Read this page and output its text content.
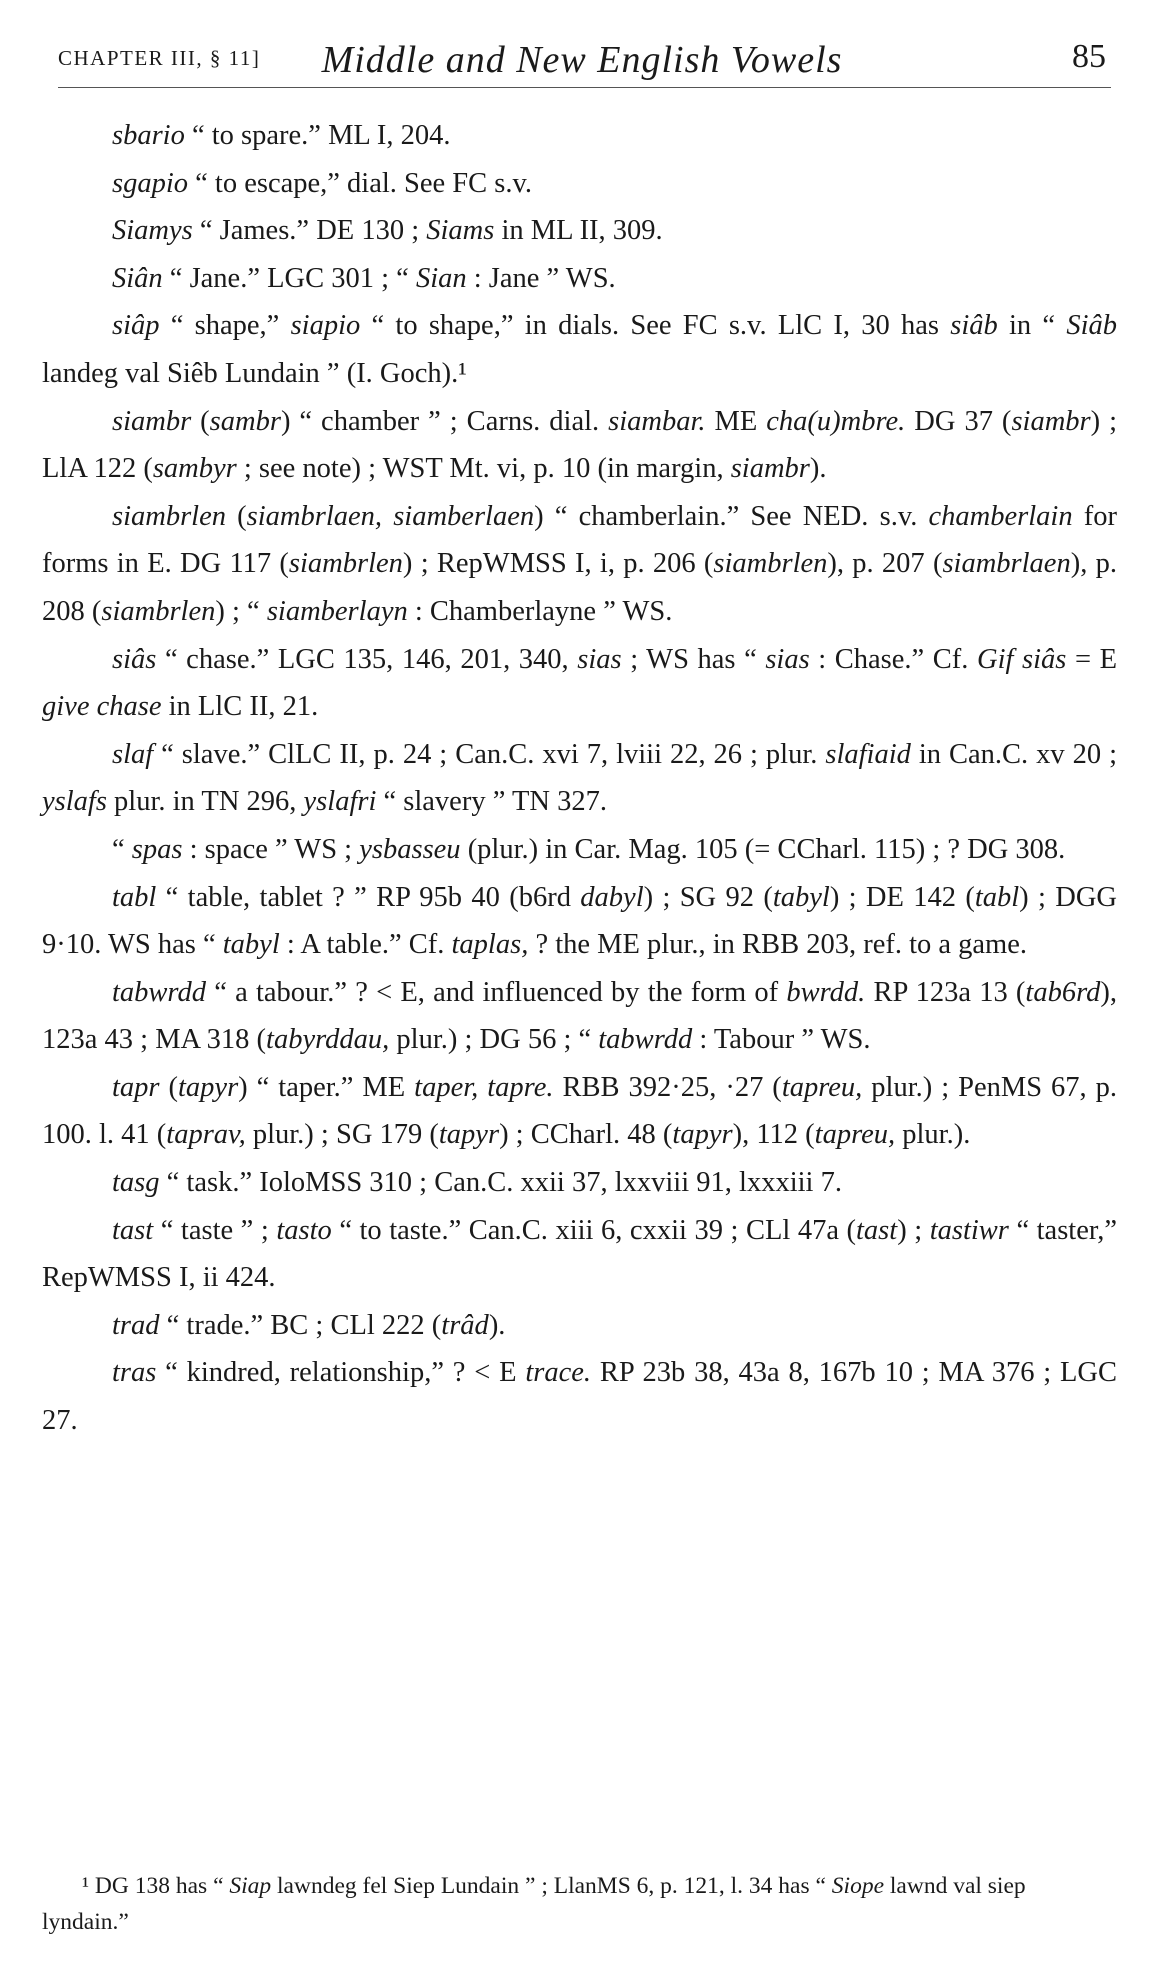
CHAPTER III, § 11]	Middle and New English Vowels	85

sbario “ to spare.” ML I, 204.

sgapio “ to escape,” dial. See FC s.v.

Siamys “ James.” DE 130 ; Siams in ML II, 309.

Siân “ Jane.” LGC 301 ; “ Sian : Jane ” WS.

siâp “ shape,” siapio “ to shape,” in dials. See FC s.v. LlC I, 30 has siâb in “ Siâb landeg val Siêb Lundain ” (I. Goch).¹

siambr (sambr) “ chamber ” ; Carns. dial. siambar. ME cha(u)mbre. DG 37 (siambr) ; LlA 122 (sambyr ; see note) ; WST Mt. vi, p. 10 (in margin, siambr).

siambrlen (siambrlaen, siamberlaen) “ chamberlain.” See NED. s.v. chamberlain for forms in E. DG 117 (siambrlen) ; RepWMSS I, i, p. 206 (siambrlen), p. 207 (siambrlaen), p. 208 (siambrlen) ; “ siamberlayn : Chamberlayne ” WS.

siâs “ chase.” LGC 135, 146, 201, 340, sias ; WS has “ sias : Chase.” Cf. Gif siâs = E give chase in LlC II, 21.

slaf “ slave.” ClLC II, p. 24 ; Can.C. xvi 7, lviii 22, 26 ; plur. slafiaid in Can.C. xv 20 ; yslafs plur. in TN 296, yslafri “ slavery ” TN 327.

“ spas : space ” WS ; ysbasseu (plur.) in Car. Mag. 105 (= CCharl. 115) ; ? DG 308.

tabl “ table, tablet ? ” RP 95b 40 (b6rd dabyl) ; SG 92 (tabyl) ; DE 142 (tabl) ; DGG 9·10. WS has “ tabyl : A table.” Cf. taplas, ? the ME plur., in RBB 203, ref. to a game.

tabwrdd “ a tabour.” ? < E, and influenced by the form of bwrdd. RP 123a 13 (tab6rd), 123a 43 ; MA 318 (tabyrddau, plur.) ; DG 56 ; “ tabwrdd : Tabour ” WS.

tapr (tapyr) “ taper.” ME taper, tapre. RBB 392·25, ·27 (tapreu, plur.) ; PenMS 67, p. 100. l. 41 (taprav, plur.) ; SG 179 (tapyr) ; CCharl. 48 (tapyr), 112 (tapreu, plur.).

tasg “ task.” IoloMSS 310 ; Can.C. xxii 37, lxxviii 91, lxxxiii 7.

tast “ taste ” ; tasto “ to taste.” Can.C. xiii 6, cxxii 39 ; CLl 47a (tast) ; tastiwr “ taster,” RepWMSS I, ii 424.

trad “ trade.” BC ; CLl 222 (trâd).

tras “ kindred, relationship,” ? < E trace. RP 23b 38, 43a 8, 167b 10 ; MA 376 ; LGC 27.

¹ DG 138 has “ Siap lawndeg fel Siep Lundain ” ; LlanMS 6, p. 121, l. 34 has “ Siope lawnd val siep lyndain.”
